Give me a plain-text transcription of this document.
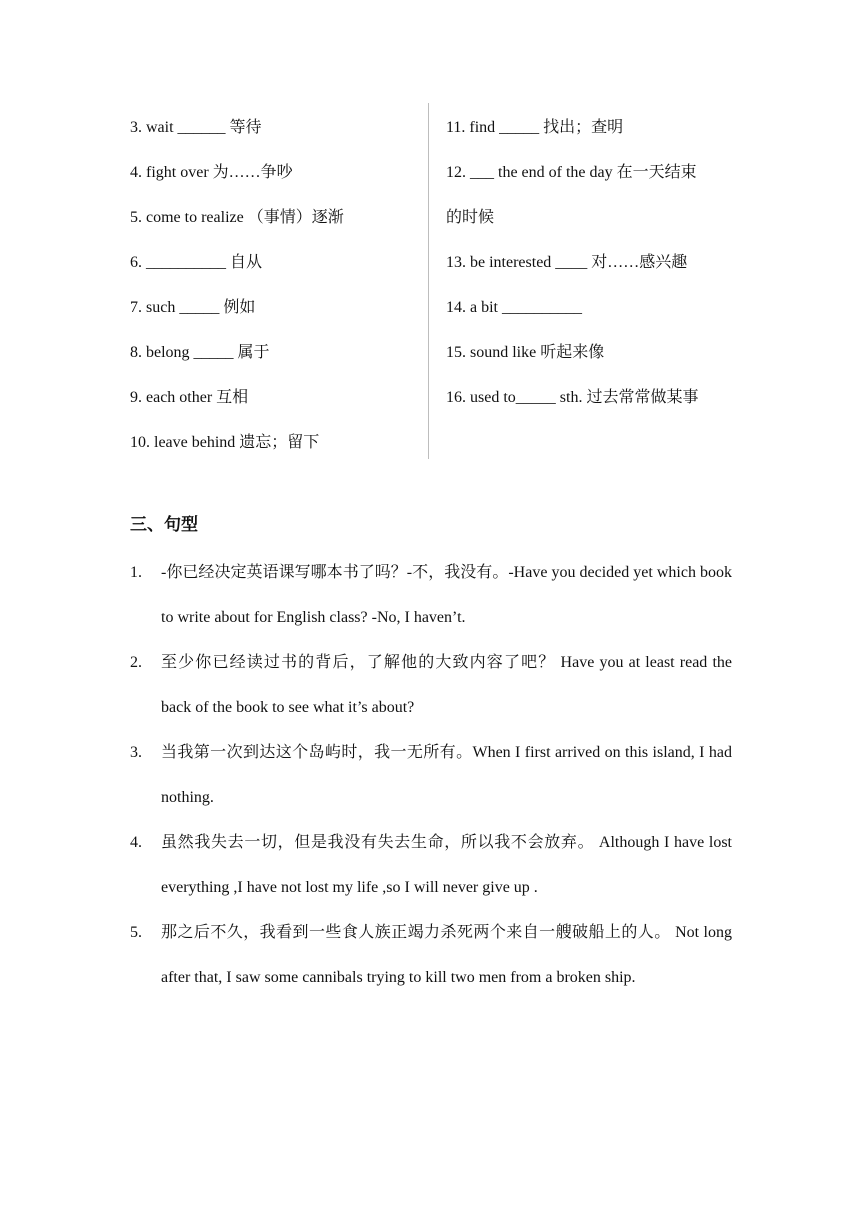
3. wait ______ 等待
4. fight over 为……争吵
5. come to realize （事情）逐渐
6. __________ 自从
7. such _____ 例如
8. belong _____ 属于
9. each other 互相
10. leave behind 遗忘；留下
11. find _____ 找出；查明
12. ___ the end of the day 在一天结束
的时候
13. be interested ____ 对……感兴趣
14. a bit __________
15. sound like 听起来像
16. used to_____ sth. 过去常常做某事
三、句型
1. -你已经决定英语课写哪本书了吗？-不，我没有。-Have you decided yet which book to write about for English class? -No, I haven’t.
2. 至少你已经读过书的背后，了解他的大致内容了吧？ Have you at least read the back of the book to see what it’s about?
3. 当我第一次到达这个岛屿时，我一无所有。When I first arrived on this island, I had nothing.
4. 虽然我失去一切，但是我没有失去生命，所以我不会放弃。 Although I have lost everything ,I have not lost my life ,so I will never give up .
5. 那之后不久，我看到一些食人族正竭力杀死两个来自一艘破船上的人。 Not long after that, I saw some cannibals trying to kill two men from a broken ship.
